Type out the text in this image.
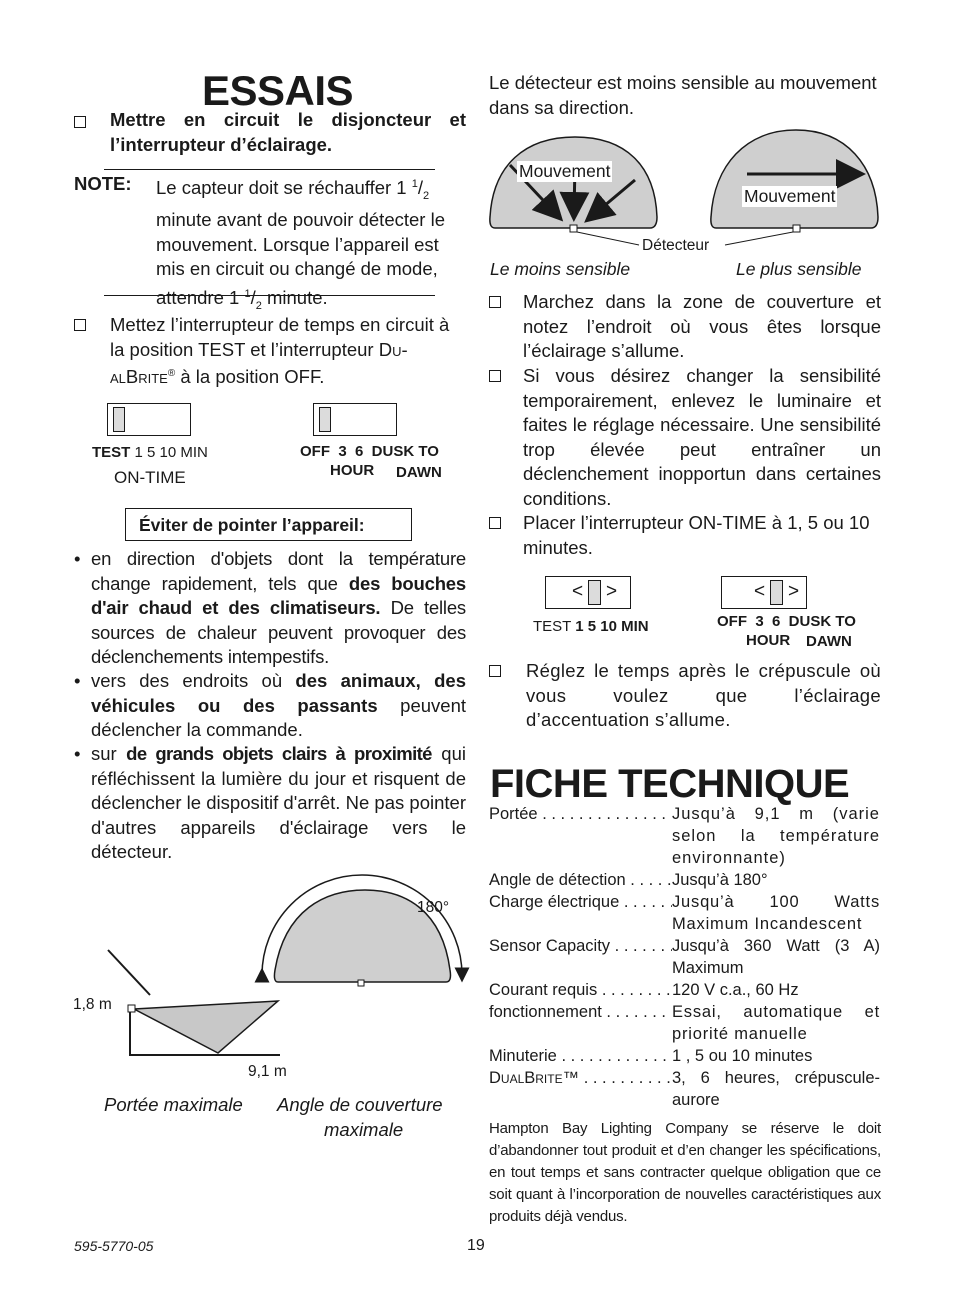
ESSAIS
Mettre en circuit le disjoncteur et l’interrupteur d’éclairage.
NOTE: Le capteur doit se réchauffer 1 $^1/_2$ minute avant de pouvoir détecter le mouvement. Lorsque l’appareil est mis en circuit ou changé de mode, attendre 1 $^1/_2$ minute.
Mettez l’interrupteur de temps en circuit à la position TEST et l’interrupteur Du-alBrite® à la position OFF.
TEST 1 5 10 MIN
ON-TIME
OFF  3  6  DUSK TO
HOUR DAWN
Éviter de pointer l’appareil:
• en direction d'objets dont la température change rapidement, tels que des bouches d'air chaud et des climatiseurs. De telles sources de chaleur peuvent provoquer des déclenchements intempestifs.
• vers des endroits où des animaux, des véhicules ou des passants peuvent déclencher la commande.
• sur de grands objets clairs à proximité qui réfléchissent la lumière du jour et risquent de déclencher le dispositif d'arrêt. Ne pas pointer d'autres appareils d'éclairage vers le détecteur.
180°
1,8 m
9,1 m
Portée maximale Angle de couverture
maximale
Le détecteur est moins sensible au mouvement dans sa direction.
Mouvement
Mouvement
Détecteur
Le moins sensible	Le plus sensible
Marchez dans la zone de couverture et notez l’endroit où vous êtes lorsque l’éclairage s’allume.
Si vous désirez changer la sensibilité temporairement, enlevez le luminaire et faites le réglage nécessaire. Une sensibilité trop élevée peut entraîner un déclenchement inopportun dans certaines conditions.
Placer l’interrupteur ON-TIME à 1, 5 ou 10 minutes.
< >
TEST 1 5 10 MIN
< >
OFF  3  6  DUSK TO
HOUR DAWN
Réglez le temps après le crépuscule où vous voulez que l’éclairage d’accentuation s’allume.
FICHE TECHNIQUE
Portée . . .	Jusqu’à 9,1 m (varie selon la température environnante)
Angle de détection . . .	Jusqu’à 180°
Charge électrique . . .	Jusqu’à 100 Watts Maximum Incandescent
Sensor Capacity . . .	Jusqu’à 360 Watt (3 A) Maximum
Courant requis . . .	120 V c.a., 60 Hz
fonctionnement . . .	Essai, automatique et priorité manuelle
Minuterie . . .	1 , 5 ou 10 minutes
DualBrite™ . . .	3, 6 heures, crépuscule-aurore
Hampton Bay Lighting Company se réserve le doit d’abandonner tout produit et d’en changer les spécifications, en tout temps et sans contracter quelque obligation que ce soit quant à l’incorporation de nouvelles caractéristiques aux produits déjà vendus.
595-5770-05	19
